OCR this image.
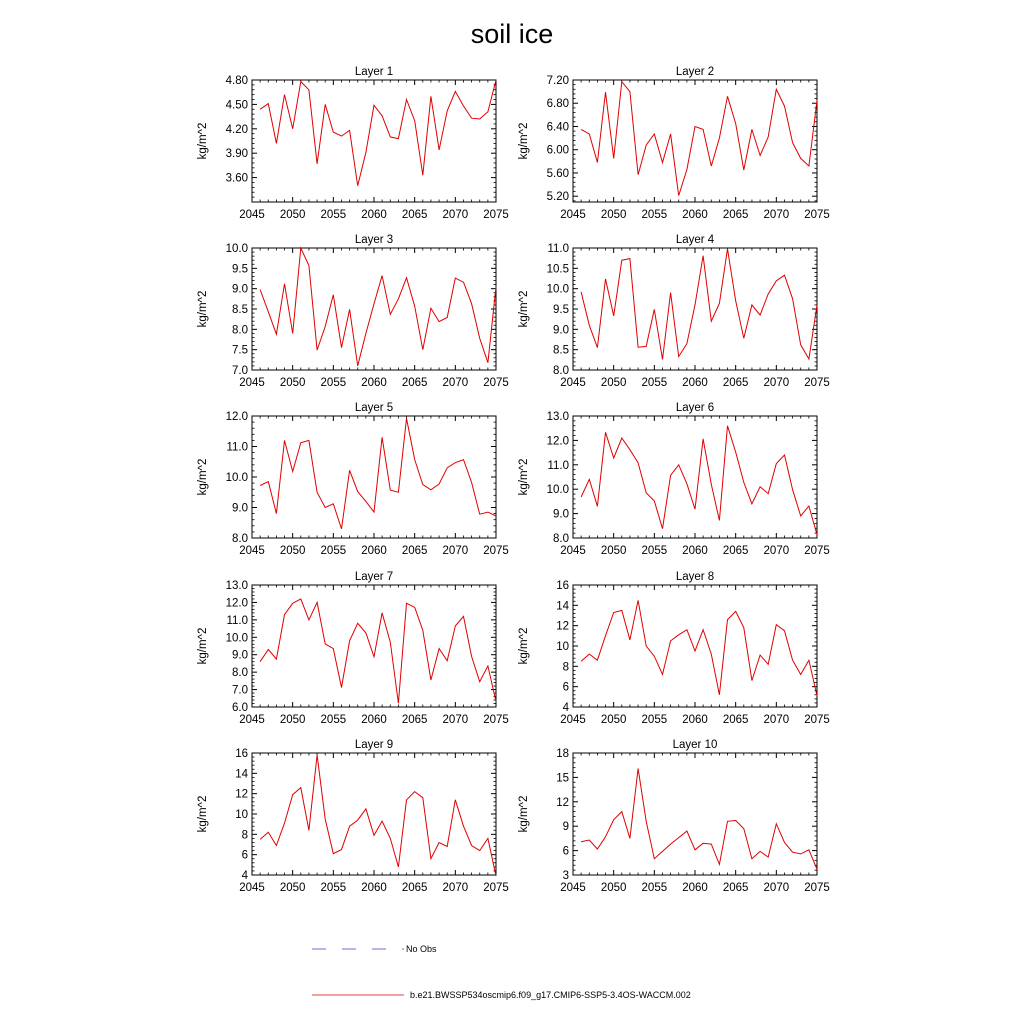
soil ice
Layer 1
2045 2050 2055 2060 2065 2070 2075
3.60
3.90
4.20
4.50
4.80
kg/m^2
Layer 2
2045 2050 2055 2060 2065 2070 2075
5.20
5.60
6.00
6.40
6.80
7.20
kg/m^2
Layer 3
2045 2050 2055 2060 2065 2070 2075
7.0
7.5
8.0
8.5
9.0
9.5
10.0
kg/m^2
Layer 4
2045 2050 2055 2060 2065 2070 2075
8.0
8.5
9.0
9.5
10.0
10.5
11.0
kg/m^2
Layer 5
2045 2050 2055 2060 2065 2070 2075
8.0
9.0
10.0
11.0
12.0
kg/m^2
Layer 6
2045 2050 2055 2060 2065 2070 2075
8.0
9.0
10.0
11.0
12.0
13.0
kg/m^2
Layer 7
2045 2050 2055 2060 2065 2070 2075
6.0
7.0
8.0
9.0
10.0
11.0
12.0
13.0
kg/m^2
Layer 8
2045 2050 2055 2060 2065 2070 2075
4
6
8
10
12
14
16
kg/m^2
Layer 9
2045 2050 2055 2060 2065 2070 2075
4
6
8
10
12
14
16
kg/m^2
Layer 10
2045 2050 2055 2060 2065 2070 2075
3
6
9
12
15
18
kg/m^2
No Obs
b.e21.BWSSP534oscmip6.f09_g17.CMIP6-SSP5-3.4OS-WACCM.002
